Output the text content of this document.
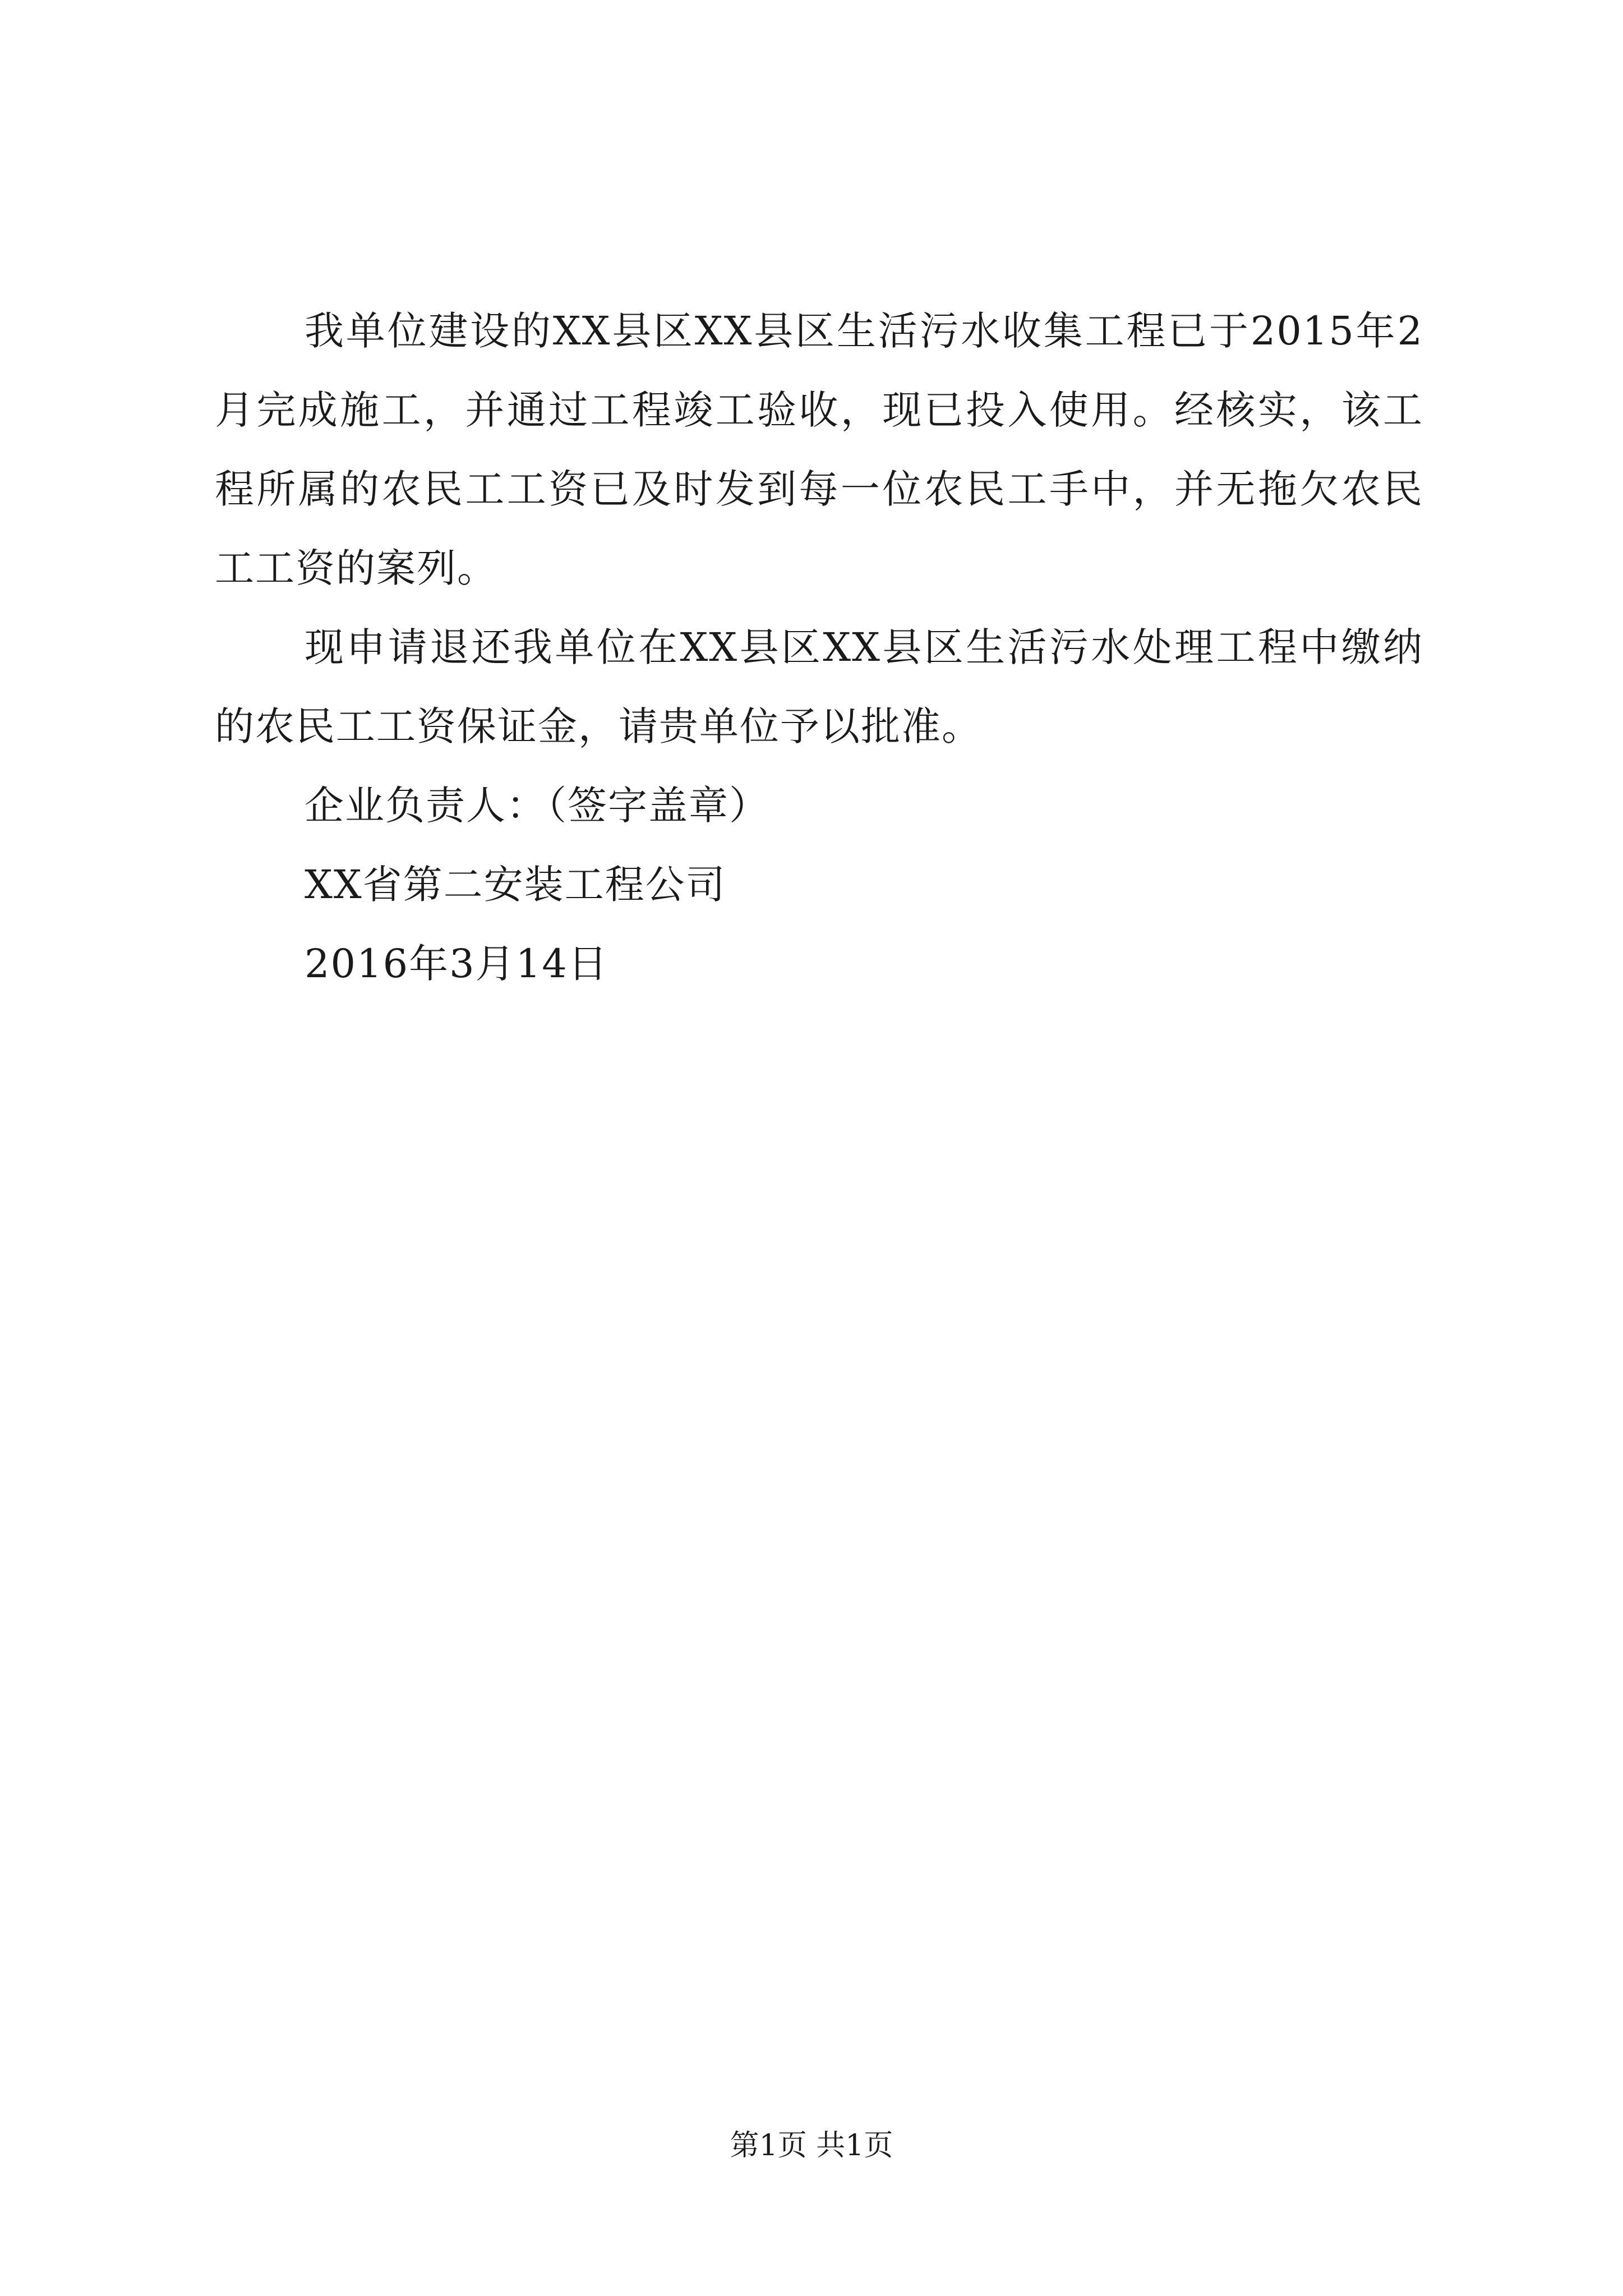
我单位建设的XX县区XX县区生活污水收集工程已于2015年2月完成施工，并通过工程竣工验收，现已投入使用。经核实，该工程所属的农民工工资已及时发到每一位农民工手中，并无拖欠农民工工资的案列。

现申请退还我单位在XX县区XX县区生活污水处理工程中缴纳的农民工工资保证金，请贵单位予以批准。

企业负责人：（签字盖章）

XX省第二安装工程公司

2016年3月14日

第1页 共1页
